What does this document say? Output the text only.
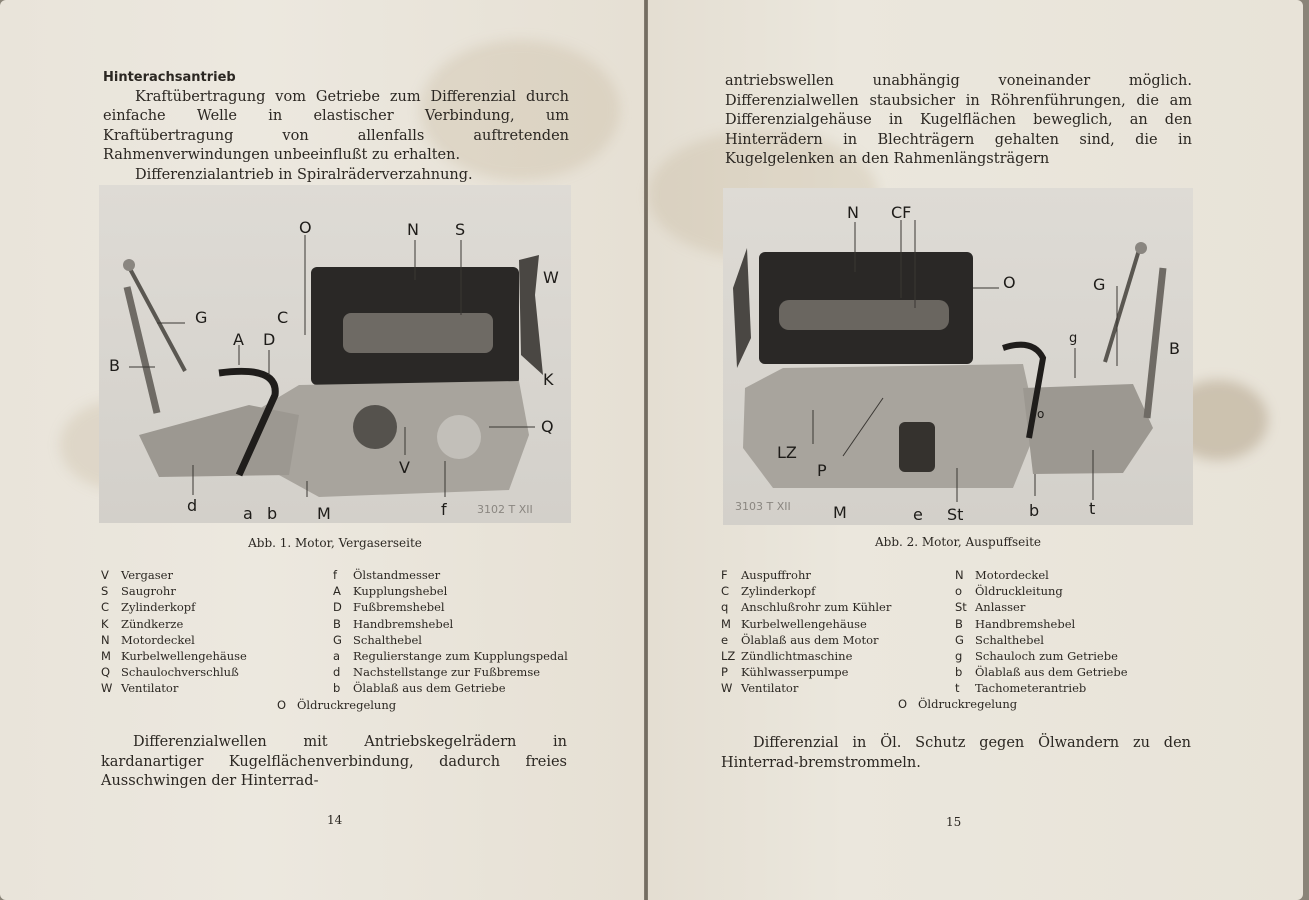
Hinterachsantrieb

Kraftübertragung vom Getriebe zum Differenzial durch einfache Welle in elastischer Verbindung, um Kraftübertragung von allenfalls auftretenden Rahmenverwindungen unbeeinflußt zu erhalten.

Differenzialantrieb in Spiralräderverzahnung.

O	N S
W
G	C
A D
B
K
Q
V
d	a b M	f	3102 T XII
Abb. 1. Motor, Vergaserseite
V Vergaser
S Saugrohr
C Zylinderkopf
K Zündkerze
N Motordeckel
M Kurbelwellengehäuse
Q Schaulochverschluß
W Ventilator
f Ölstandmesser
A Kupplungshebel
D Fußbremshebel
B Handbremshebel
G Schalthebel
a Regulierstange zum Kupplungspedal
d Nachstellstange zur Fußbremse
b Ölablaß aus dem Getriebe
O Öldruckregelung

Differenzialwellen mit Antriebskegelrädern in kardanartiger Kugelflächenverbindung, dadurch freies Ausschwingen der Hinterrad-

14

antriebswellen unabhängig voneinander möglich. Differenzialwellen staubsicher in Röhrenführungen, die am Differenzialgehäuse in Kugelflächen beweglich, an den Hinterrädern in Blechträgern gehalten sind, die in Kugelgelenken an den Rahmenlängsträgern

N CF
O	G
g
B
LZ
P
M	e St	b	t
o
3103 T XII
Abb. 2. Motor, Auspuffseite
F Auspuffrohr
C Zylinderkopf
q Anschlußrohr zum Kühler
M Kurbelwellengehäuse
e Ölablaß aus dem Motor
LZ Zündlichtmaschine
P Kühlwasserpumpe
W Ventilator
N Motordeckel
o Öldruckleitung
St Anlasser
B Handbremshebel
G Schalthebel
g Schauloch zum Getriebe
b Ölablaß aus dem Getriebe
t Tachometerantrieb
O Öldruckregelung

Differenzial in Öl. Schutz gegen Ölwandern zu den Hinterrad-bremstrommeln.

15
